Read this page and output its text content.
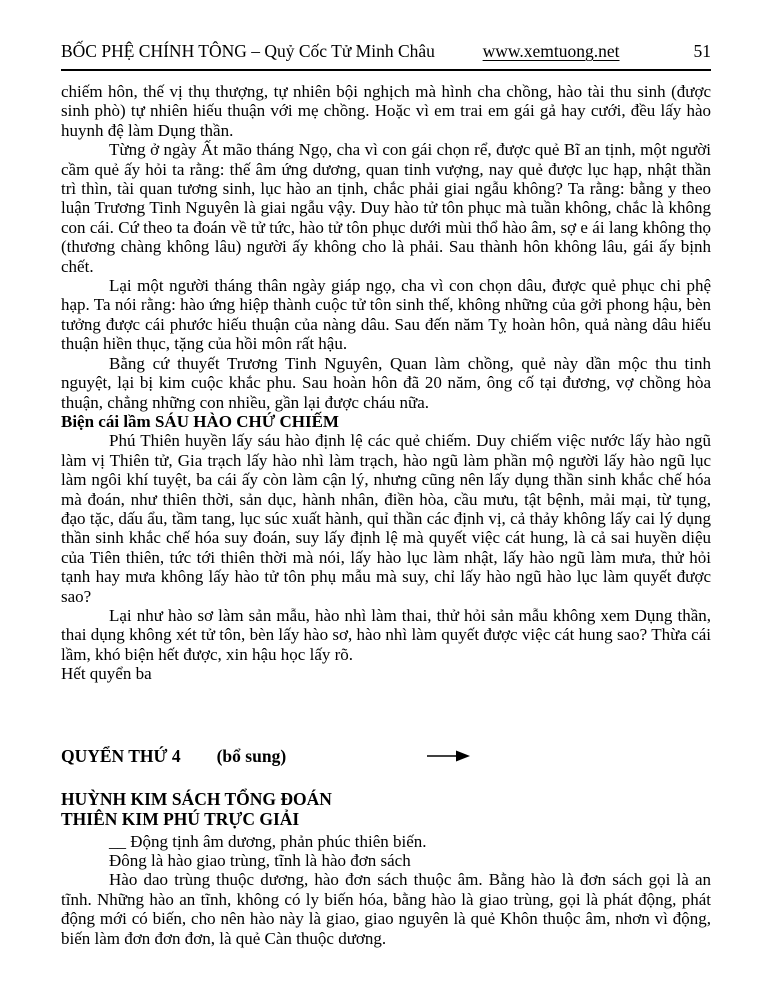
BỐC PHỆ CHÍNH TÔNG – Quỷ Cốc Tử Minh Châu	www.xemtuong.net	51

chiếm hôn, thế vị thụ thượng, tự nhiên bội nghịch mà hình cha chồng, hào tài thu sinh (được sinh phò) tự nhiên hiếu thuận với mẹ chồng. Hoặc vì em trai em gái gả hay cưới, đều lấy hào huynh đệ làm Dụng thần.

Từng ở ngày Ất mão tháng Ngọ, cha vì con gái chọn rể, được quẻ Bĩ an tịnh, một người cầm quẻ ấy hỏi ta rằng: thế âm ứng dương, quan tinh vượng, nay quẻ được lục hạp, nhật thần trì thìn, tài quan tương sinh, lục hào an tịnh, chắc phải giai ngẫu không? Ta rằng: bằng y theo luận Trương Tinh Nguyên là giai ngẫu vậy. Duy hào tử tôn phục mà tuần không, chắc là không con cái. Cứ theo ta đoán về tử tức, hào tử tôn phục dưới mùi thổ hào âm, sợ e ái lang không thọ (thương chàng không lâu) người ấy không cho là phải. Sau thành hôn không lâu, gái ấy bịnh chết.

Lại một người tháng thân ngày giáp ngọ, cha vì con chọn dâu, được quẻ phục chi phệ hạp. Ta nói rằng: hào ứng hiệp thành cuộc tử tôn sinh thế, không những của gởi phong hậu, bèn tưởng được cái phước hiếu thuận của nàng dâu. Sau đến năm Tỵ hoàn hôn, quả nàng dâu hiếu thuận hiền thục, tặng của hồi môn rất hậu.

Bằng cứ thuyết Trương Tinh Nguyên, Quan làm chồng, quẻ này dần mộc thu tinh nguyệt, lại bị kim cuộc khắc phu. Sau hoàn hôn đã 20 năm, ông cố tại đương, vợ chồng hòa thuận, chẳng những con nhiều, gần lại được cháu nữa.

Biện cái lầm SÁU HÀO CHỨ CHIẾM

Phú Thiên huyền lấy sáu hào định lệ các quẻ chiếm. Duy chiếm việc nước lấy hào ngũ làm vị Thiên tử, Gia trạch lấy hào nhì làm trạch, hào ngũ làm phần mộ người lấy hào ngũ lục làm ngôi khí tuyệt, ba cái ấy còn làm cận lý, nhưng cũng nên lấy dụng thần sinh khắc chế hóa mà đoán, như thiên thời, sản dục, hành nhân, điền hòa, cầu mưu, tật bệnh, mải mại, từ tụng, đạo tặc, dấu ẩu, tầm tang, lục súc xuất hành, quỉ thần các định vị, cả thảy không lấy cai lý dụng thần sinh khắc chế hóa suy đoán, suy lấy định lệ mà quyết việc cát hung, là cả sai huyền diệu của Tiên thiên, tức tới thiên thời mà nói, lấy hào lục làm nhật, lấy hào ngũ làm mưa, thử hỏi tạnh hay mưa không lấy hào tử tôn phụ mẫu mà suy, chỉ lấy hào ngũ hào lục làm quyết được sao?

Lại như hào sơ làm sản mẫu, hào nhì làm thai, thử hỏi sản mẫu không xem Dụng thần, thai dụng không xét tử tôn, bèn lấy hào sơ, hào nhì làm quyết được việc cát hung sao? Thừa cái lầm, khó biện hết được, xin hậu học lấy rõ.

Hết quyển ba

QUYỂN THỨ 4 (bổ sung)
HUỲNH KIM SÁCH TỔNG ĐOÁN
THIÊN KIM PHÚ TRỰC GIẢI

__ Động tịnh âm dương, phản phúc thiên biến.

Đông là hào giao trùng, tĩnh là hào đơn sách

Hào dao trùng thuộc dương, hào đơn sách thuộc âm. Bằng hào là đơn sách gọi là an tĩnh. Những hào an tĩnh, không có ly biến hóa, bằng hào là giao trùng, gọi là phát động, phát động mới có biến, cho nên hào này là giao, giao nguyên là quẻ Khôn thuộc âm, nhơn vì động, biến làm đơn đơn đơn, là quẻ Càn thuộc dương.
